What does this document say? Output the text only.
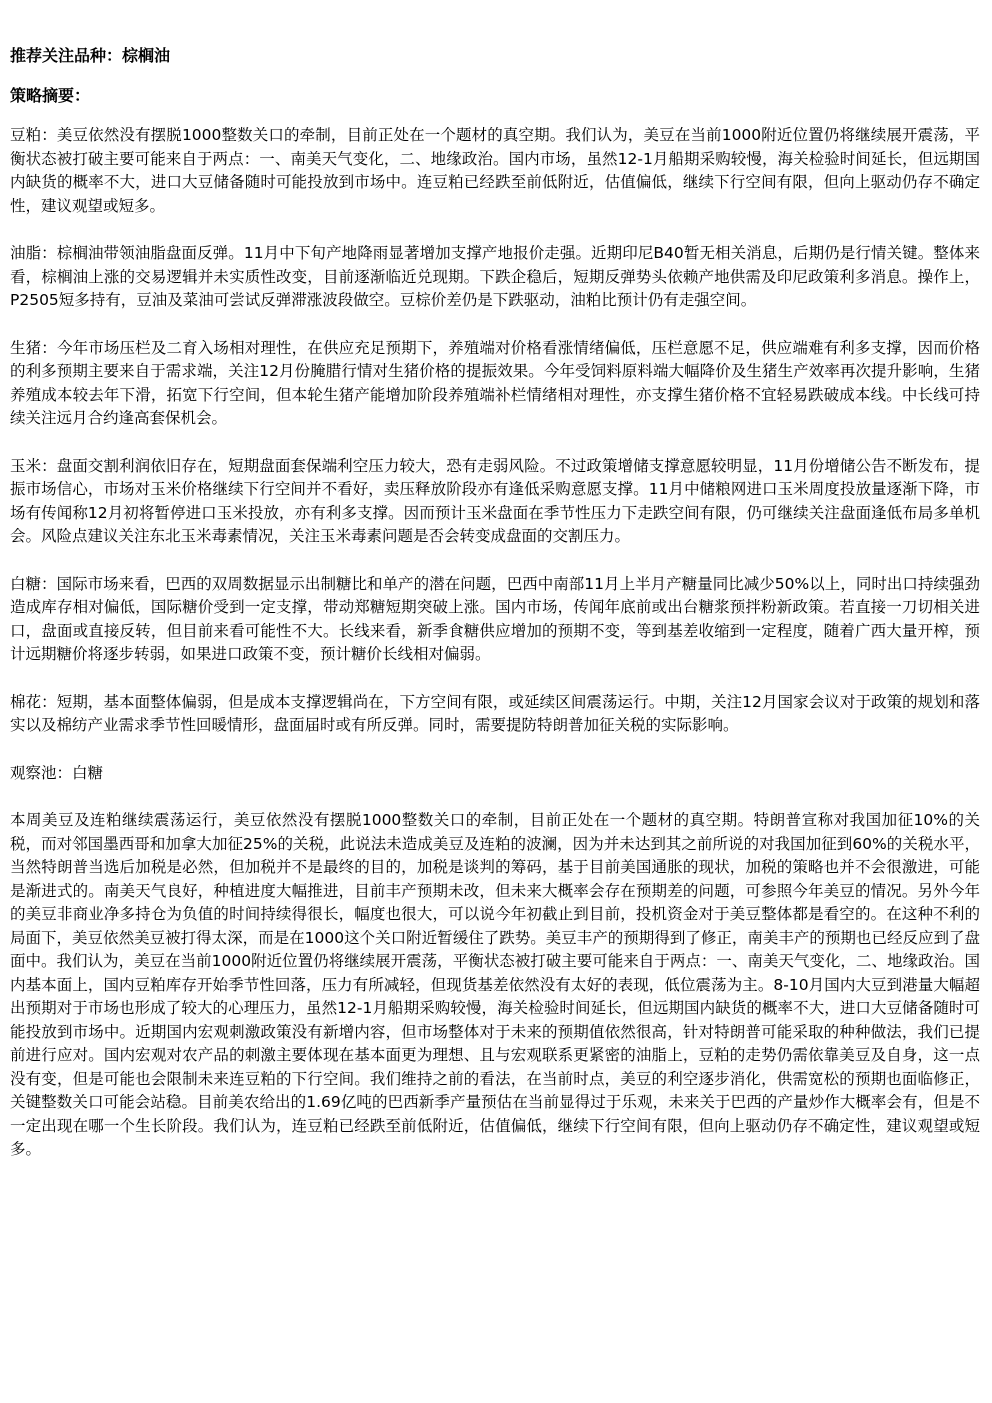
推荐关注品种：棕榈油

策略摘要：

豆粕：美豆依然没有摆脱1000整数关口的牵制，目前正处在一个题材的真空期。我们认为，美豆在当前1000附近位置仍将继续展开震荡，平衡状态被打破主要可能来自于两点：一、南美天气变化，二、地缘政治。国内市场，虽然12-1月船期采购较慢，海关检验时间延长，但远期国内缺货的概率不大，进口大豆储备随时可能投放到市场中。连豆粕已经跌至前低附近，估值偏低，继续下行空间有限，但向上驱动仍存不确定性，建议观望或短多。

油脂：棕榈油带领油脂盘面反弹。11月中下旬产地降雨显著增加支撑产地报价走强。近期印尼B40暂无相关消息，后期仍是行情关键。整体来看，棕榈油上涨的交易逻辑并未实质性改变，目前逐渐临近兑现期。下跌企稳后，短期反弹势头依赖产地供需及印尼政策利多消息。操作上，P2505短多持有，豆油及菜油可尝试反弹滞涨波段做空。豆棕价差仍是下跌驱动，油粕比预计仍有走强空间。

生猪：今年市场压栏及二育入场相对理性，在供应充足预期下，养殖端对价格看涨情绪偏低，压栏意愿不足，供应端难有利多支撑，因而价格的利多预期主要来自于需求端，关注12月份腌腊行情对生猪价格的提振效果。今年受饲料原料端大幅降价及生猪生产效率再次提升影响，生猪养殖成本较去年下滑，拓宽下行空间，但本轮生猪产能增加阶段养殖端补栏情绪相对理性，亦支撑生猪价格不宜轻易跌破成本线。中长线可持续关注远月合约逢高套保机会。

玉米：盘面交割利润依旧存在，短期盘面套保端利空压力较大，恐有走弱风险。不过政策增储支撑意愿较明显，11月份增储公告不断发布，提振市场信心，市场对玉米价格继续下行空间并不看好，卖压释放阶段亦有逢低采购意愿支撑。11月中储粮网进口玉米周度投放量逐渐下降，市场有传闻称12月初将暂停进口玉米投放，亦有利多支撑。因而预计玉米盘面在季节性压力下走跌空间有限，仍可继续关注盘面逢低布局多单机会。风险点建议关注东北玉米毒素情况，关注玉米毒素问题是否会转变成盘面的交割压力。

白糖：国际市场来看，巴西的双周数据显示出制糖比和单产的潜在问题，巴西中南部11月上半月产糖量同比减少50%以上，同时出口持续强劲造成库存相对偏低，国际糖价受到一定支撑，带动郑糖短期突破上涨。国内市场，传闻年底前或出台糖浆预拌粉新政策。若直接一刀切相关进口，盘面或直接反转，但目前来看可能性不大。长线来看，新季食糖供应增加的预期不变，等到基差收缩到一定程度，随着广西大量开榨，预计远期糖价将逐步转弱，如果进口政策不变，预计糖价长线相对偏弱。

棉花：短期，基本面整体偏弱，但是成本支撑逻辑尚在，下方空间有限，或延续区间震荡运行。中期，关注12月国家会议对于政策的规划和落实以及棉纺产业需求季节性回暖情形，盘面届时或有所反弹。同时，需要提防特朗普加征关税的实际影响。

观察池：白糖

本周美豆及连粕继续震荡运行，美豆依然没有摆脱1000整数关口的牵制，目前正处在一个题材的真空期。特朗普宣称对我国加征10%的关税，而对邻国墨西哥和加拿大加征25%的关税，此说法未造成美豆及连粕的波澜，因为并未达到其之前所说的对我国加征到60%的关税水平，当然特朗普当选后加税是必然，但加税并不是最终的目的，加税是谈判的筹码，基于目前美国通胀的现状，加税的策略也并不会很激进，可能是渐进式的。南美天气良好，种植进度大幅推进，目前丰产预期未改，但未来大概率会存在预期差的问题，可参照今年美豆的情况。另外今年的美豆非商业净多持仓为负值的时间持续得很长，幅度也很大，可以说今年初截止到目前，投机资金对于美豆整体都是看空的。在这种不利的局面下，美豆依然美豆被打得太深，而是在1000这个关口附近暂缓住了跌势。美豆丰产的预期得到了修正，南美丰产的预期也已经反应到了盘面中。我们认为，美豆在当前1000附近位置仍将继续展开震荡，平衡状态被打破主要可能来自于两点：一、南美天气变化，二、地缘政治。国内基本面上，国内豆粕库存开始季节性回落，压力有所减轻，但现货基差依然没有太好的表现，低位震荡为主。8-10月国内大豆到港量大幅超出预期对于市场也形成了较大的心理压力，虽然12-1月船期采购较慢，海关检验时间延长，但远期国内缺货的概率不大，进口大豆储备随时可能投放到市场中。近期国内宏观刺激政策没有新增内容，但市场整体对于未来的预期值依然很高，针对特朗普可能采取的种种做法，我们已提前进行应对。国内宏观对农产品的刺激主要体现在基本面更为理想、且与宏观联系更紧密的油脂上，豆粕的走势仍需依靠美豆及自身，这一点没有变，但是可能也会限制未来连豆粕的下行空间。我们维持之前的看法，在当前时点，美豆的利空逐步消化，供需宽松的预期也面临修正，关键整数关口可能会站稳。目前美农给出的1.69亿吨的巴西新季产量预估在当前显得过于乐观，未来关于巴西的产量炒作大概率会有，但是不一定出现在哪一个生长阶段。我们认为，连豆粕已经跌至前低附近，估值偏低，继续下行空间有限，但向上驱动仍存不确定性，建议观望或短多。
